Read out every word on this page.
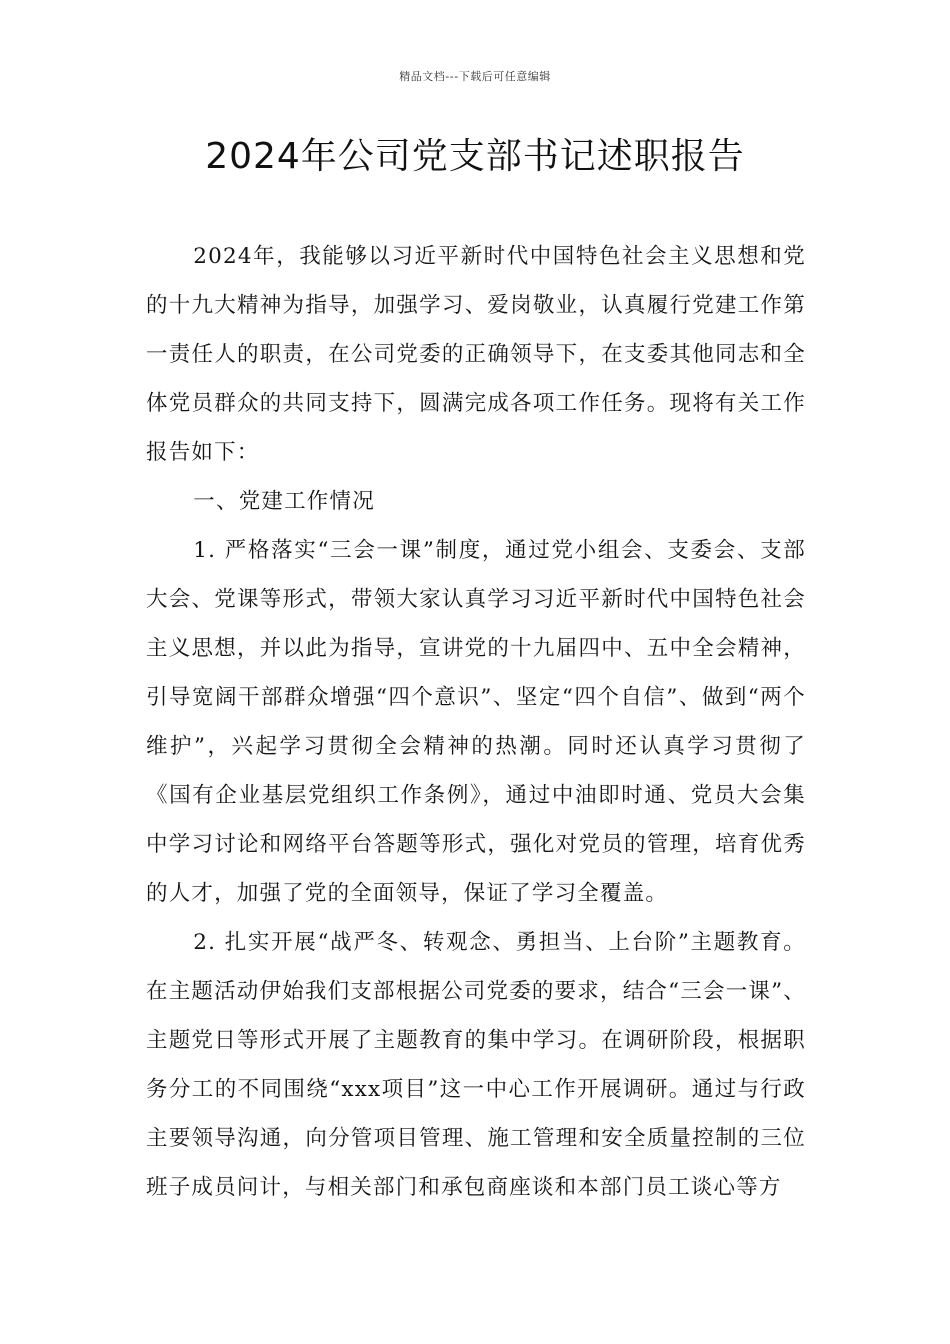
精品文档---下载后可任意编辑
2024年公司党支部书记述职报告

2024年，我能够以习近平新时代中国特色社会主义思想和党的十九大精神为指导，加强学习、爱岗敬业，认真履行党建工作第一责任人的职责，在公司党委的正确领导下，在支委其他同志和全体党员群众的共同支持下，圆满完成各项工作任务。现将有关工作报告如下：

一、党建工作情况

1. 严格落实“三会一课”制度，通过党小组会、支委会、支部大会、党课等形式，带领大家认真学习习近平新时代中国特色社会主义思想，并以此为指导，宣讲党的十九届四中、五中全会精神，引导宽阔干部群众增强“四个意识”、坚定“四个自信”、做到“两个维护”，兴起学习贯彻全会精神的热潮。同时还认真学习贯彻了《国有企业基层党组织工作条例》，通过中油即时通、党员大会集中学习讨论和网络平台答题等形式，强化对党员的管理，培育优秀的人才，加强了党的全面领导，保证了学习全覆盖。

2. 扎实开展“战严冬、转观念、勇担当、上台阶”主题教育。在主题活动伊始我们支部根据公司党委的要求，结合“三会一课”、主题党日等形式开展了主题教育的集中学习。在调研阶段，根据职务分工的不同围绕“xxx项目”这一中心工作开展调研。通过与行政主要领导沟通，向分管项目管理、施工管理和安全质量控制的三位班子成员问计，与相关部门和承包商座谈和本部门员工谈心等方
